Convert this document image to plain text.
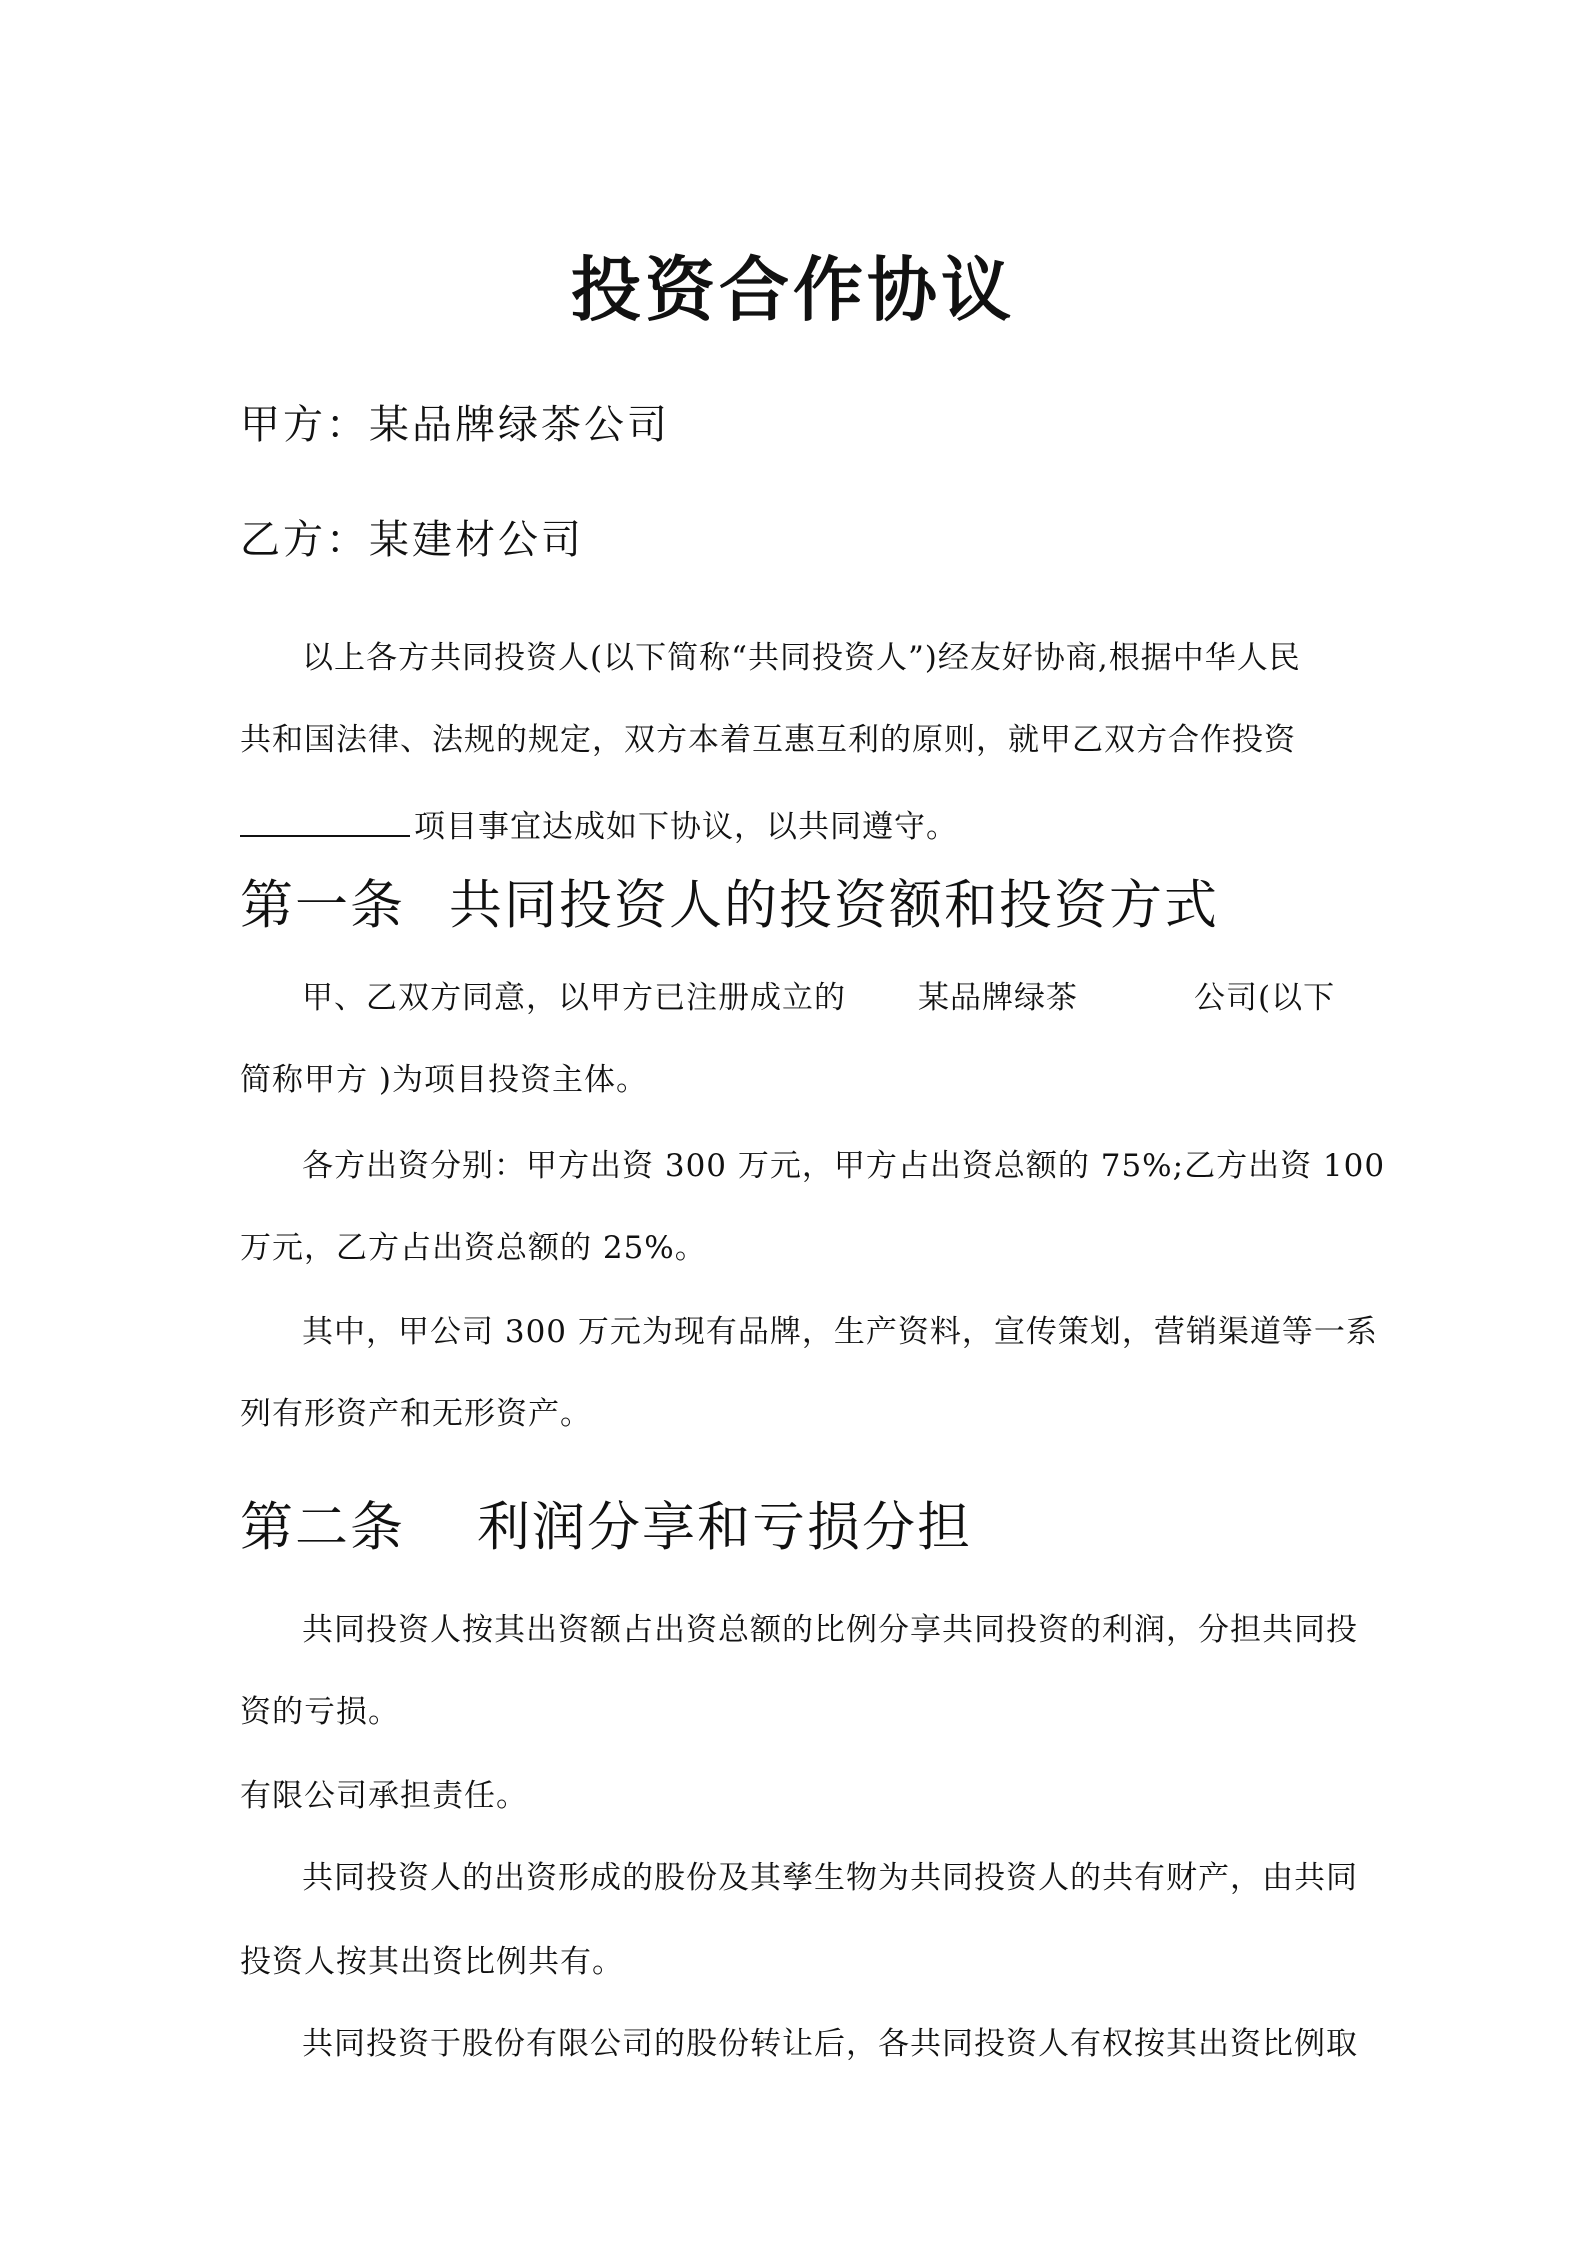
投资合作协议
甲方：某品牌绿茶公司
乙方：某建材公司
以上各方共同投资人(以下简称“共同投资人”)经友好协商,根据中华人民
共和国法律、法规的规定，双方本着互惠互利的原则，就甲乙双方合作投资
项目事宜达成如下协议，以共同遵守。
第一条 共同投资人的投资额和投资方式
甲、乙双方同意，以甲方已注册成立的 某品牌绿茶	公司(以下
简称甲方 )为项目投资主体。
各方出资分别：甲方出资 300 万元，甲方占出资总额的 75%;乙方出资 100
万元，乙方占出资总额的 25%。
其中，甲公司 300 万元为现有品牌，生产资料，宣传策划，营销渠道等一系
列有形资产和无形资产。
第二条 利润分享和亏损分担
共同投资人按其出资额占出资总额的比例分享共同投资的利润，分担共同投
资的亏损。
有限公司承担责任。
共同投资人的出资形成的股份及其孳生物为共同投资人的共有财产，由共同
投资人按其出资比例共有。
共同投资于股份有限公司的股份转让后，各共同投资人有权按其出资比例取
